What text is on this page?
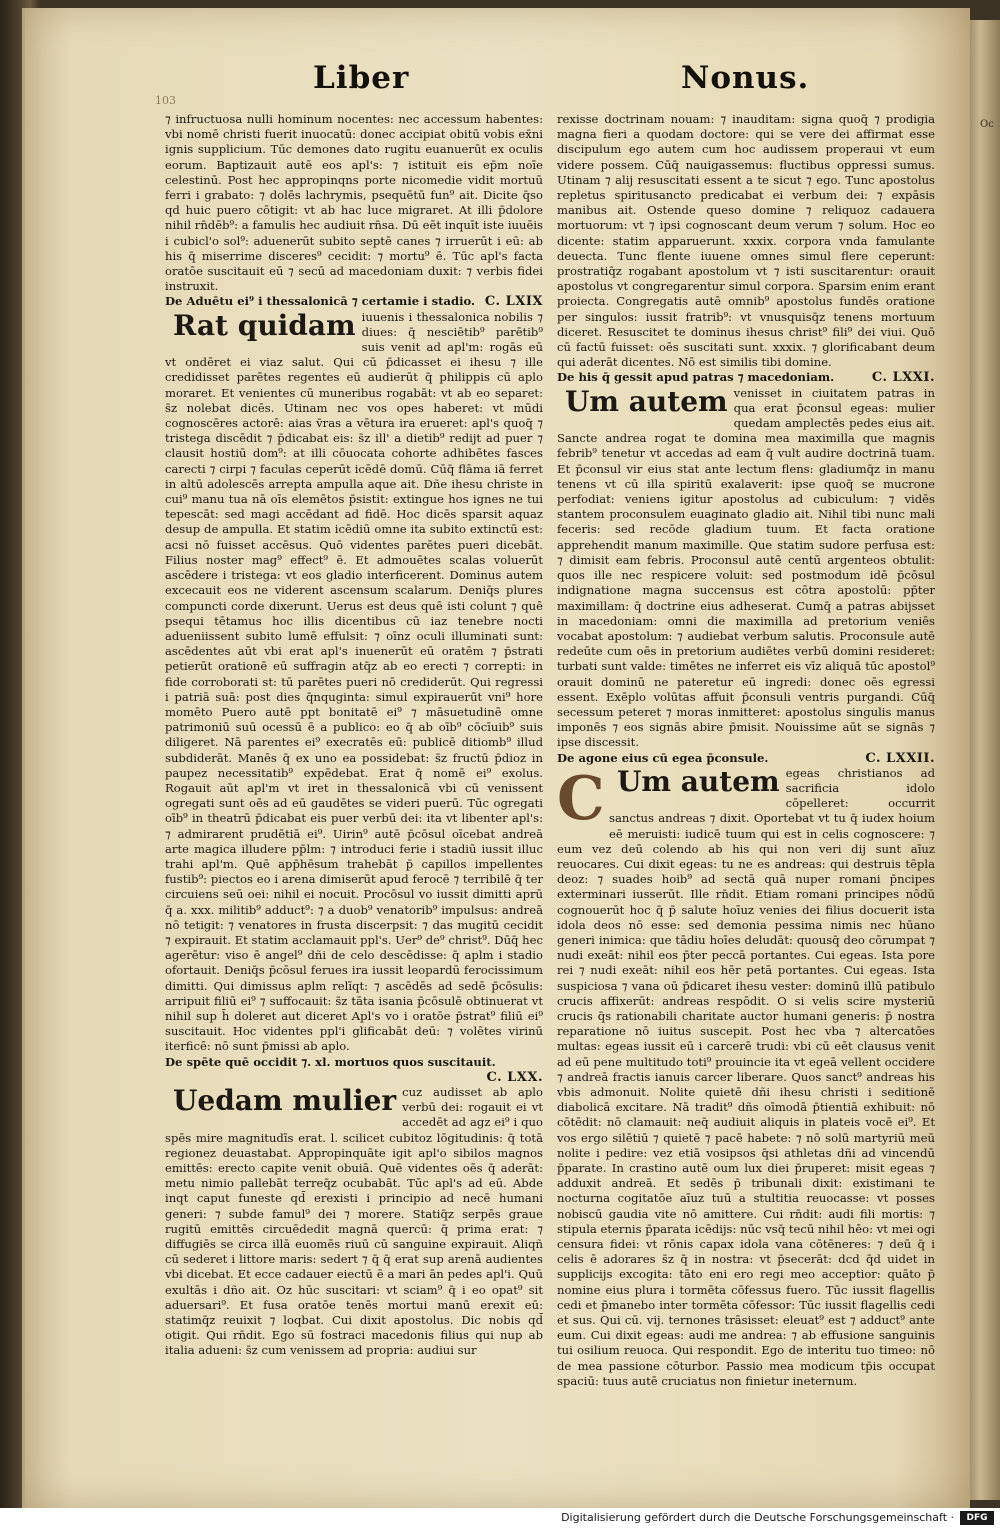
Oc
103
Liber	Nonus.

⁊ infructuosa nulli hominum nocentes: nec accessum habentes: vbi nomē christi fuerit inuocatū: donec accipiat obitū vobis ex̄ni ignis supplicium. Tūc demones dato rugitu euanuerūt ex oculis eorum. Baptizauit autē eos apl's: ⁊ istituit eis ep̄m noīe celestinū. Post hec appropinqns porte nicomedie vidit mortuū ferri i grabato: ⁊ dolēs lachrymis, psequētū fun⁹ ait. Dicite q̄so qd huic puero cōtigit: vt ab hac luce migraret. At illi p̄dolore nihil rn̄dēb⁹: a famulis hec audiuit rn̄sa. Dū eēt inquīt iste iuuēis i cubicl'o sol⁹: aduenerūt subito septē canes ⁊ irruerūt i eū: ab his q̄ miserrime disceres⁹ cecidit: ⁊ mortu⁹ ē. Tūc apl's facta oratōe suscitauit eū ⁊ secū ad macedoniam duxit: ⁊ verbis fidei instruxit.

De Aduētu ei⁹ i thessalonicā ⁊ certamie i stadio. C. LXIX

Rat quidam iuuenis i thessalonica nobilis ⁊ diues: q̄ nesciētib⁹ parētib⁹ suis venit ad apl'm: rogās eū vt ondēret ei viaz salut. Qui cū p̄dicasset ei ihesu ⁊ ille credidisset parētes regentes eū audierūt q̄ philippis cū aplo moraret. Et venientes cū muneribus rogabāt: vt ab eo separet: s̄z nolebat dicēs. Utinam nec vos opes haberet: vt mūdi cognoscēres actorē: aias v̄ras a vētura ira erueret: apl's quoq̄ ⁊ tristega discēdit ⁊ p̄dicabat eis: s̄z ill' a dietib⁹ redijt ad puer ⁊ clausit hostiū dom⁹: at illi cōuocata cohorte adhibētes fasces carecti ⁊ cirpi ⁊ faculas ceperūt icēdē domū. Cūq̄ flāma iā ferret in altū adolescēs arrepta ampulla aque ait. Dñe ihesu christe in cui⁹ manu tua nā oīs elemētos p̄sistit: extingue hos ignes ne tui tepescāt: sed magi accēdant ad fidē. Hoc dicēs sparsit aquaz desup de ampulla. Et statim icēdiū omne ita subito extinctū est: acsi nō fuisset accēsus. Quō videntes parētes pueri dicebāt. Filius noster mag⁹ effect⁹ ē. Et admouētes scalas voluerūt ascēdere i tristega: vt eos gladio interficerent. Dominus autem excecauit eos ne viderent ascensum scalarum. Deniq̄s plures compuncti corde dixerunt. Uerus est deus quē isti colunt ⁊ quē psequi tētamus hoc illis dicentibus cū iaz tenebre nocti adueniissent subito lumē effulsit: ⁊ oīnz oculi illuminati sunt: ascēdentes aūt vbi erat apl's inuenerūt eū oratēm ⁊ p̄strati petierūt orationē eū suffragin atq̄z ab eo erecti ⁊ correpti: in fide corroborati st: tū parētes pueri nō crediderūt. Qui regressi i patriā suā: post dies q̄nquginta: simul expirauerūt vni⁹ hore momēto Puero autē ppt bonitatē ei⁹ ⁊ māsuetudinē omne patrimoniū suū ocessū ē a publico: eo q̄ ab oīb⁹ cōcīuib⁹ suis diligeret. Nā parentes ei⁹ execratēs eū: publicē ditiomb⁹ illud subdiderāt. Manēs q̄ ex uno ea possidebat: s̄z fructū p̄dioz in paupez necessitatib⁹ expēdebat. Erat q̄ nomē ei⁹ exolus. Rogauit aūt apl'm vt iret in thessalonicā vbi cū venissent ogregati sunt oēs ad eū gaudētes se videri puerū. Tūc ogregati oīb⁹ in theatrū p̄dicabat eis puer verbū dei: ita vt libenter apl's: ⁊ admirarent prudētiā ei⁹. Uirin⁹ autē p̄cōsul oīcebat andreā arte magica illudere pp̄lm: ⁊ introduci ferie i stadiū iussit illuc trahi apl'm. Quē app̄hēsum trahebāt p̄ capillos impellentes fustib⁹: piectos eo i arena dimiserūt apud ferocē ⁊ terribilē q̄ ter circuiens seū oei: nihil ei nocuit. Procōsul vo iussit dimitti aprū q̄ a. xxx. militib⁹ adduct⁹: ⁊ a duob⁹ venatorib⁹ impulsus: andreā nō tetigit: ⁊ venatores in frusta discerpsit: ⁊ das mugitū cecidit ⁊ expirauit. Et statim acclamauit ppl's. Uer⁹ de⁹ christ⁹. Dūq̄ hec agerētur: viso ē angel⁹ dñi de celo descēdisse: q̄ aplm i stadio ofortauit. Deniq̄s p̄cōsul ferues ira iussit leopardū ferocissimum dimitti. Qui dimissus aplm relīqt: ⁊ ascēdēs ad sedē p̄cōsulis: arripuit filiū ei⁹ ⁊ suffocauit: s̄z tāta isania p̄cōsulē obtinuerat vt nihil sup h̄ doleret aut diceret Apl's vo i oratōe p̄strat⁹ filiū ei⁹ suscitauit. Hoc videntes ppl'i glificabāt deū: ⁊ volētes virinū iterficē: nō sunt p̄missi ab aplo.

De spēte quē occidit ⁊. xl. mortuos quos suscitauit.
C. LXX.

Uedam mulier cuz audisset ab aplo verbū dei: rogauit ei vt accedēt ad agz ei⁹ i quo spēs mire magnitudīs erat. l. scilicet cubitoz lōgitudinis: q̄ totā regionez deuastabat. Appropinquāte igit apl'o sibilos magnos emittēs: erecto capite venit obuiā. Quē videntes oēs q̄ aderāt: metu nimio pallebāt terreq̄z ocubabāt. Tūc apl's ad eū. Abde inqt caput funeste qd̄ erexisti i principio ad necē humani generi: ⁊ subde famul⁹ dei ⁊ morere. Statiq̄z serpēs graue rugitū emittēs circuēdedit magnā quercū: q̄ prima erat: ⁊ diffugiēs se circa illā euomēs riuū cū sanguine expirauit. Aliqñ cū sederet i littore maris: sedert ⁊ q̄ q̄ erat sup arenā audientes vbi dicebat. Et ecce cadauer eiectū ē a mari ān pedes apl'i. Quū exultās i dño ait. Oz hūc suscitari: vt sciam⁹ q̄ i eo opat⁹ sit aduersari⁹. Et fusa oratōe tenēs mortui manū erexit eū: statimq̄z reuixit ⁊ loqbat. Cui dixit apostolus. Dic nobis qd̄ otigit. Qui rn̄dit. Ego sū fostraci macedonis filius qui nup ab italia adueni: s̄z cum venissem ad propria: audiui sur

rexisse doctrinam nouam: ⁊ inauditam: signa quoq̄ ⁊ prodigia magna fieri a quodam doctore: qui se vere dei affirmat esse discipulum ego autem cum hoc audissem properaui vt eum videre possem. Cūq̄ nauigassemus: fluctibus oppressi sumus. Utinam ⁊ alij resuscitati essent a te sicut ⁊ ego. Tunc apostolus repletus spiritusancto predicabat ei verbum dei: ⁊ expāsis manibus ait. Ostende queso domine ⁊ reliquoz cadauera mortuorum: vt ⁊ ipsi cognoscant deum verum ⁊ solum. Hoc eo dicente: statim apparuerunt. xxxix. corpora vnda famulante deuecta. Tunc flente iuuene omnes simul flere ceperunt: prostratiq̄z rogabant apostolum vt ⁊ isti suscitarentur: orauit apostolus vt congregarentur simul corpora. Sparsim enim erant proiecta. Congregatis autē omnib⁹ apostolus fundēs oratione per singulos: iussit fratrib⁹: vt vnusquisq̄z tenens mortuum diceret. Resuscitet te dominus ihesus christ⁹ fili⁹ dei viui. Quō cū factū fuisset: oēs suscitati sunt. xxxix. ⁊ glorificabant deum qui aderāt dicentes. Nō est similis tibi domine.

De his q̄ gessit apud patras ⁊ macedoniam.	C. LXXI.

Um autem venisset in ciuitatem patras in qua erat p̄consul egeas: mulier quedam amplectēs pedes eius ait. Sancte andrea rogat te domina mea maximilla que magnis febrib⁹ tenetur vt accedas ad eam q̄ vult audire doctrinā tuam. Et p̄consul vir eius stat ante lectum flens: gladiumq̄z in manu tenens vt cū illa spiritū exalaverit: ipse quoq̄ se mucrone perfodiat: veniens igitur apostolus ad cubiculum: ⁊ vidēs stantem proconsulem euaginato gladio ait. Nihil tibi nunc mali feceris: sed recōde gladium tuum. Et facta oratione apprehendit manum maximille. Que statim sudore perfusa est: ⁊ dimisit eam febris. Proconsul autē centū argenteos obtulit: quos ille nec respicere voluit: sed postmodum idē p̄cōsul indignatione magna succensus est cōtra apostolū: pp̄ter maximillam: q̄ doctrine eius adheserat. Cumq̄ a patras abijsset in macedoniam: omni die maximilla ad pretorium veniēs vocabat apostolum: ⁊ audiebat verbum salutis. Proconsule autē redeūte cum oēs in pretorium audiētes verbū domini resideret: turbati sunt valde: timētes ne inferret eis vīz aliquā tūc apostol⁹ orauit dominū ne pateretur eū ingredi: donec oēs egressi essent. Exēplo volūtas affuit p̄consuli ventris purgandi. Cūq̄ secessum peteret ⁊ moras inmitteret: apostolus singulis manus imponēs ⁊ eos signās abire p̄misit. Nouissime aūt se signās ⁊ ipse discessit.

De agone eius cū egea p̄consule.	C. LXXII.

C Um autem egeas christianos ad sacrificia idolo cōpelleret: occurrit sanctus andreas ⁊ dixit. Oportebat vt tu q̄ iudex hoium eē meruisti: iudicē tuum qui est in celis cognoscere: ⁊ eum vez deū colendo ab his qui non veri dij sunt aīuz reuocares. Cui dixit egeas: tu ne es andreas: qui destruis tēpla deoz: ⁊ suades hoib⁹ ad sectā quā nuper romani p̄ncipes exterminari iusserūt. Ille rn̄dit. Etiam romani principes nōdū cognouerūt hoc q̄ p̄ salute hoīuz venies dei filius docuerit ista idola deos nō esse: sed demonia pessima nimis nec hūano generi inimica: que tādiu hoīes deludāt: quousq̄ deo cōrumpat ⁊ nudi exeāt: nihil eos p̄ter peccā portantes. Cui egeas. Ista pore rei ⁊ nudi exeāt: nihil eos hēr petā portantes. Cui egeas. Ista suspiciosa ⁊ vana oū p̄dicaret ihesu vester: dominū illū patibulo crucis affixerūt: andreas respōdit. O si velis scire mysteriū crucis q̄s rationabili charitate auctor humani generis: p̄ nostra reparatione nō iuitus suscepit. Post hec vba ⁊ altercatōes multas: egeas iussit eū i carcerē trudi: vbi cū eēt clausus venit ad eū pene multitudo toti⁹ prouincie ita vt egeā vellent occidere ⁊ andreā fractis ianuis carcer liberare. Quos sanct⁹ andreas his vbis admonuit. Nolite quietē dñi ihesu christi i seditionē diabolicā excitare. Nā tradit⁹ dñs oīmodā p̄tientiā exhibuit: nō cōtēdit: nō clamauit: neq̄ audiuit aliquis in plateis vocē ei⁹. Et vos ergo silētiū ⁊ quietē ⁊ pacē habete: ⁊ nō solū martyriū meū nolite i pedire: vez etiā vosipsos q̄si athletas dñi ad vincendū p̄parate. In crastino autē oum lux diei p̄ruperet: misit egeas ⁊ adduxit andreā. Et sedēs p̄ tribunali dixit: existimani te nocturna cogitatōe aīuz tuū a stultitia reuocasse: vt posses nobiscū gaudia vite nō amittere. Cui rn̄dit: audi fili mortis: ⁊ stipula eternis p̄parata icēdijs: nūc vsq̄ tecū nihil hēo: vt mei ogi censura fidei: vt rōnis capax idola vana cōtēneres: ⁊ deū q̄ i celis ē adorares s̄z q̄ in nostra: vt p̄secerāt: dcd q̄d uidet in supplicijs excogita: tāto eni ero regi meo acceptior: quāto p̄ nomine eius plura i tormēta cōfessus fuero. Tūc iussit flagellis cedi et p̄manebo inter tormēta cōfessor: Tūc iussit flagellis cedi et sus. Qui cū. vij. ternones trāsisset: eleuat⁹ est ⁊ adduct⁹ ante eum. Cui dixit egeas: audi me andrea: ⁊ ab effusione sanguinis tui osilium reuoca. Qui respondit. Ego de interitu tuo timeo: nō de mea passione cōturbor. Passio mea modicum tp̄is occupat spaciū: tuus autē cruciatus non finietur ineternum.

Digitalisierung gefördert durch die Deutsche Forschungsgemeinschaft ·	DFG
